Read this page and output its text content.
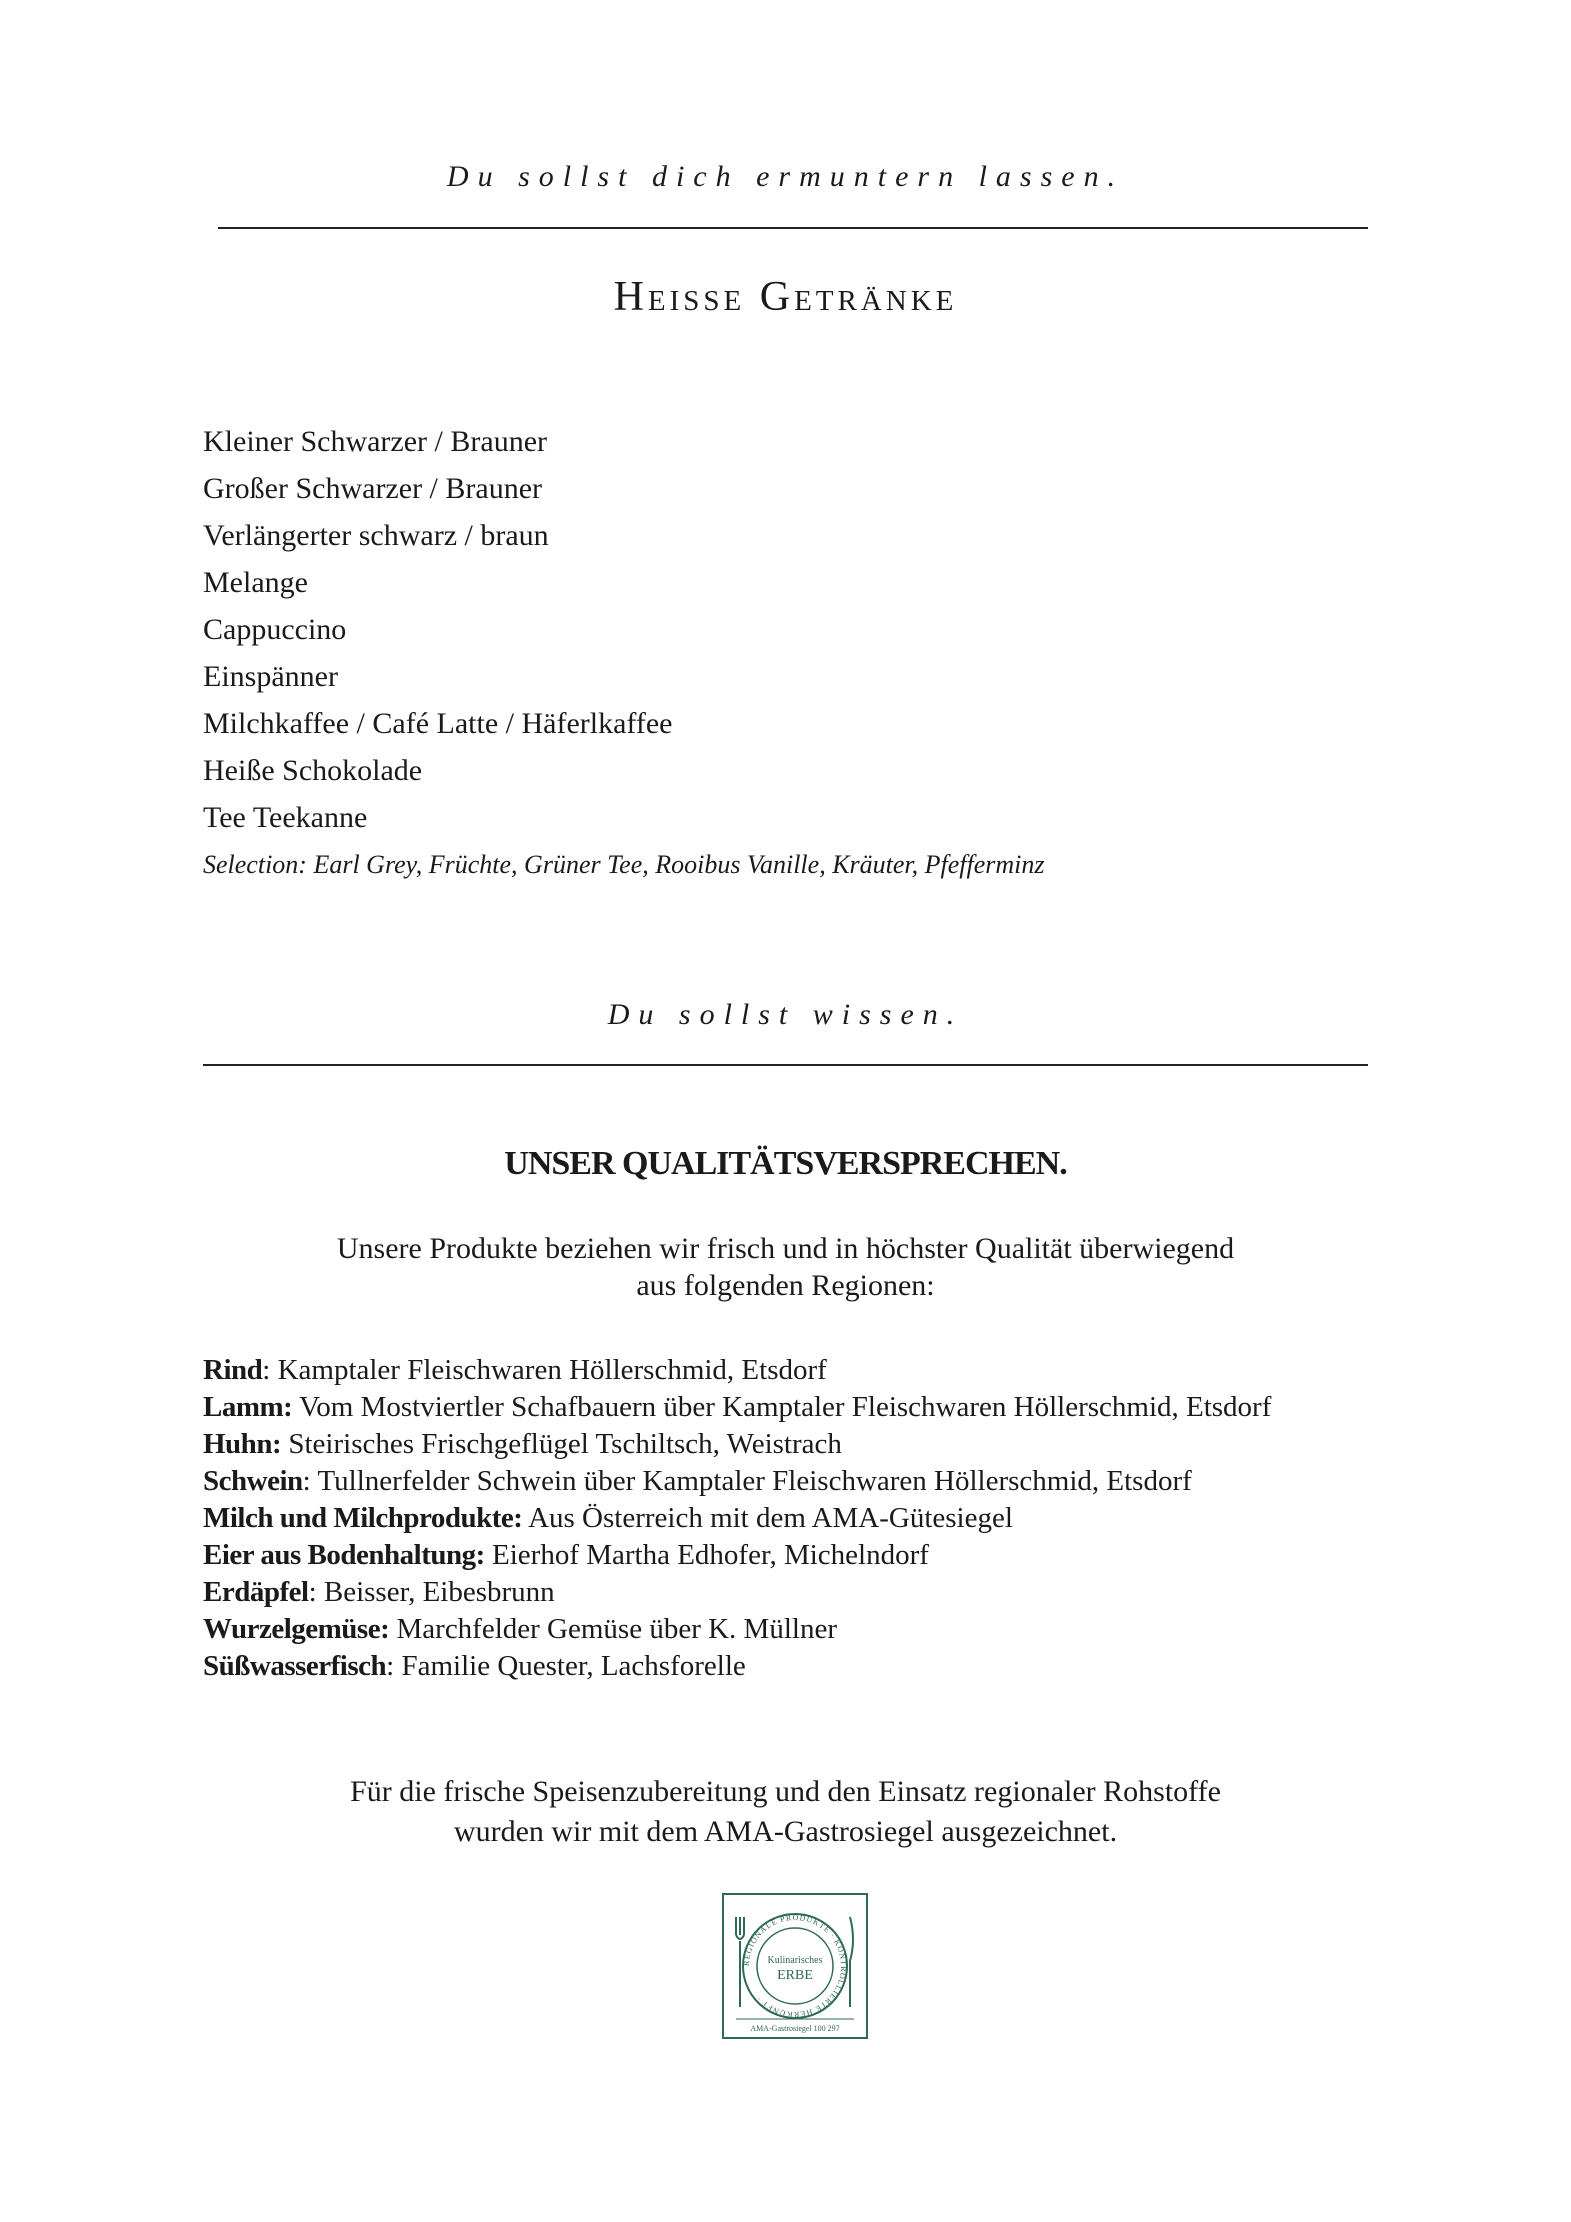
Du sollst dich ermuntern lassen.
Heisse Getränke
Kleiner Schwarzer / Brauner
Großer Schwarzer / Brauner
Verlängerter schwarz / braun
Melange
Cappuccino
Einspänner
Milchkaffee / Café Latte / Häferlkaffee
Heiße Schokolade
Tee Teekanne
Selection: Earl Grey, Früchte, Grüner Tee, Rooibus Vanille, Kräuter, Pfefferminz
Du sollst wissen.
UNSER QUALITÄTSVERSPRECHEN.
Unsere Produkte beziehen wir frisch und in höchster Qualität überwiegend
aus folgenden Regionen:
Rind: Kamptaler Fleischwaren Höllerschmid, Etsdorf
Lamm: Vom Mostviertler Schafbauern über Kamptaler Fleischwaren Höllerschmid, Etsdorf
Huhn: Steirisches Frischgeflügel Tschiltsch, Weistrach
Schwein: Tullnerfelder Schwein über Kamptaler Fleischwaren Höllerschmid, Etsdorf
Milch und Milchprodukte: Aus Österreich mit dem AMA-Gütesiegel
Eier aus Bodenhaltung: Eierhof Martha Edhofer, Michelndorf
Erdäpfel: Beisser, Eibesbrunn
Wurzelgemüse: Marchfelder Gemüse über K. Müllner
Süßwasserfisch: Familie Quester, Lachsforelle
Für die frische Speisenzubereitung und den Einsatz regionaler Rohstoffe
wurden wir mit dem AMA-Gastrosiegel ausgezeichnet.
REGIONALE PRODUKTE · KONTROLLIERTE HERKUNFT ·
Kulinarisches
ERBE
AMA-Gastrosiegel 100 297
